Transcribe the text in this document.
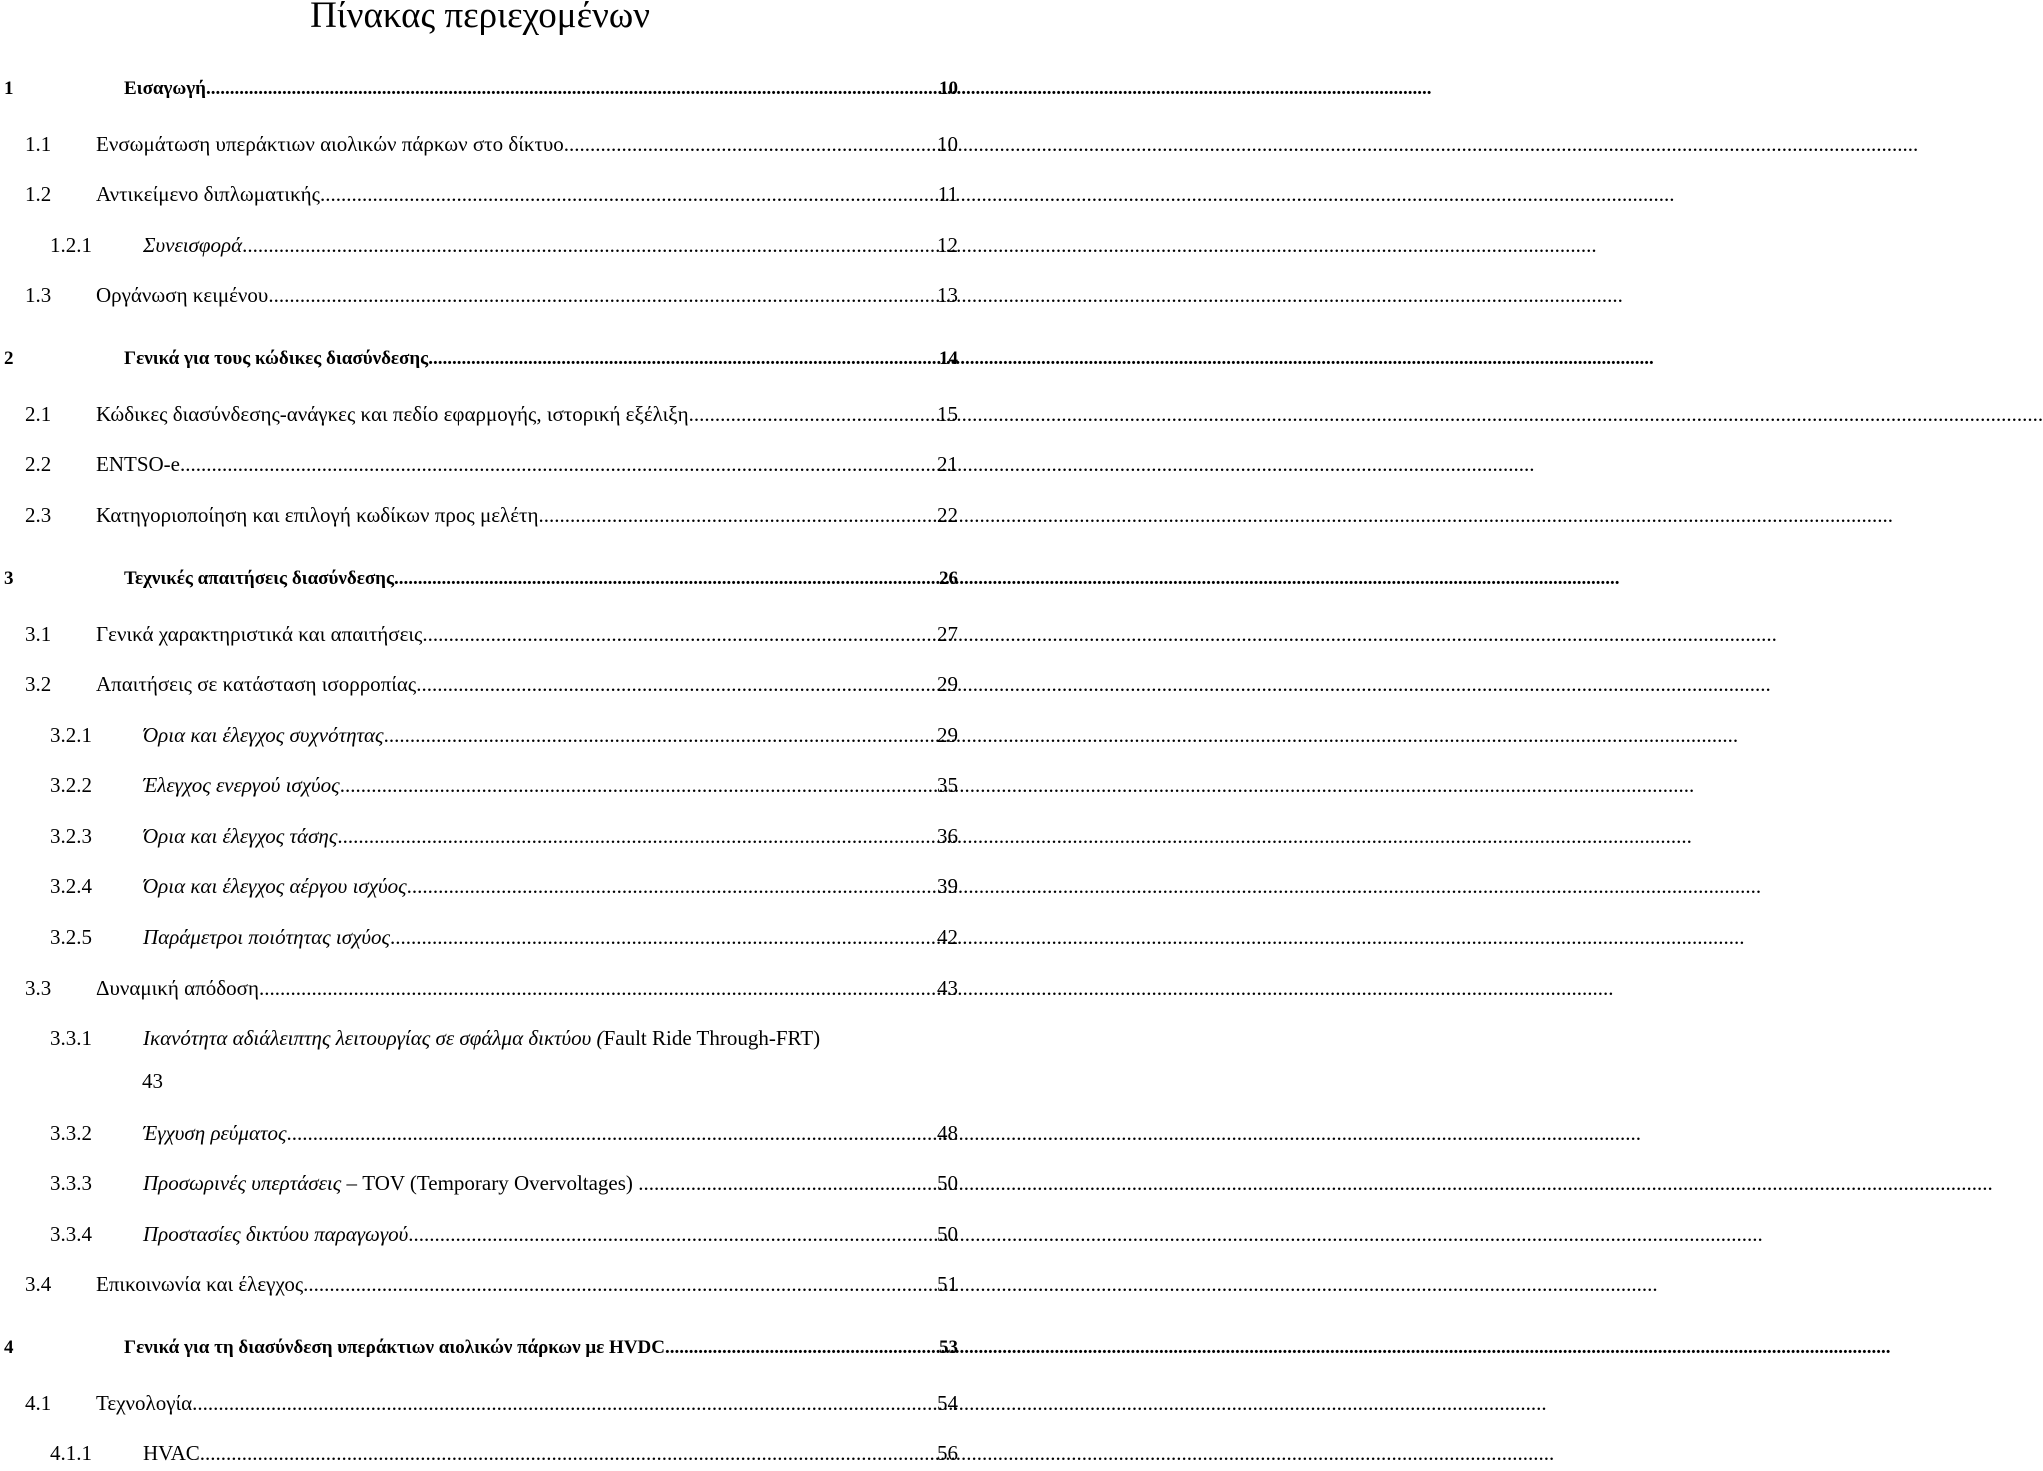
Πίνακας περιεχομένων
1	Εισαγωγή .....	10
1.1	Ενσωμάτωση υπεράκτιων αιολικών πάρκων στο δίκτυο .....	10
1.2	Αντικείμενο διπλωματικής .....	11
1.2.1	Συνεισφορά .....	12
1.3	Οργάνωση κειμένου .....	13
2	Γενικά για τους κώδικες διασύνδεσης .....	14
2.1	Κώδικες διασύνδεσης-ανάγκες και πεδίο εφαρμογής, ιστορική εξέλιξη .....	15
2.2	ENTSO-e .....	21
2.3	Κατηγοριοποίηση και επιλογή κωδίκων προς μελέτη .....	22
3	Τεχνικές απαιτήσεις διασύνδεσης .....	26
3.1	Γενικά χαρακτηριστικά και απαιτήσεις .....	27
3.2	Απαιτήσεις σε κατάσταση ισορροπίας .....	29
3.2.1	Όρια και έλεγχος συχνότητας .....	29
3.2.2	Έλεγχος ενεργού ισχύος .....	35
3.2.3	Όρια και έλεγχος τάσης .....	36
3.2.4	Όρια και έλεγχος αέργου ισχύος .....	39
3.2.5	Παράμετροι ποιότητας ισχύος .....	42
3.3	Δυναμική απόδοση .....	43
3.3.1	Ικανότητα αδιάλειπτης λειτουργίας σε σφάλμα δικτύου (Fault Ride Through-FRT)
43
3.3.2	Έγχυση ρεύματος .....	48
3.3.3	Προσωρινές υπερτάσεις – TOV (Temporary Overvoltages) .....	50
3.3.4	Προστασίες δικτύου παραγωγού .....	50
3.4	Επικοινωνία και έλεγχος .....	51
4	Γενικά για τη διασύνδεση υπεράκτιων αιολικών πάρκων με HVDC .....	53
4.1	Τεχνολογία .....	54
4.1.1	HVAC .....	56
